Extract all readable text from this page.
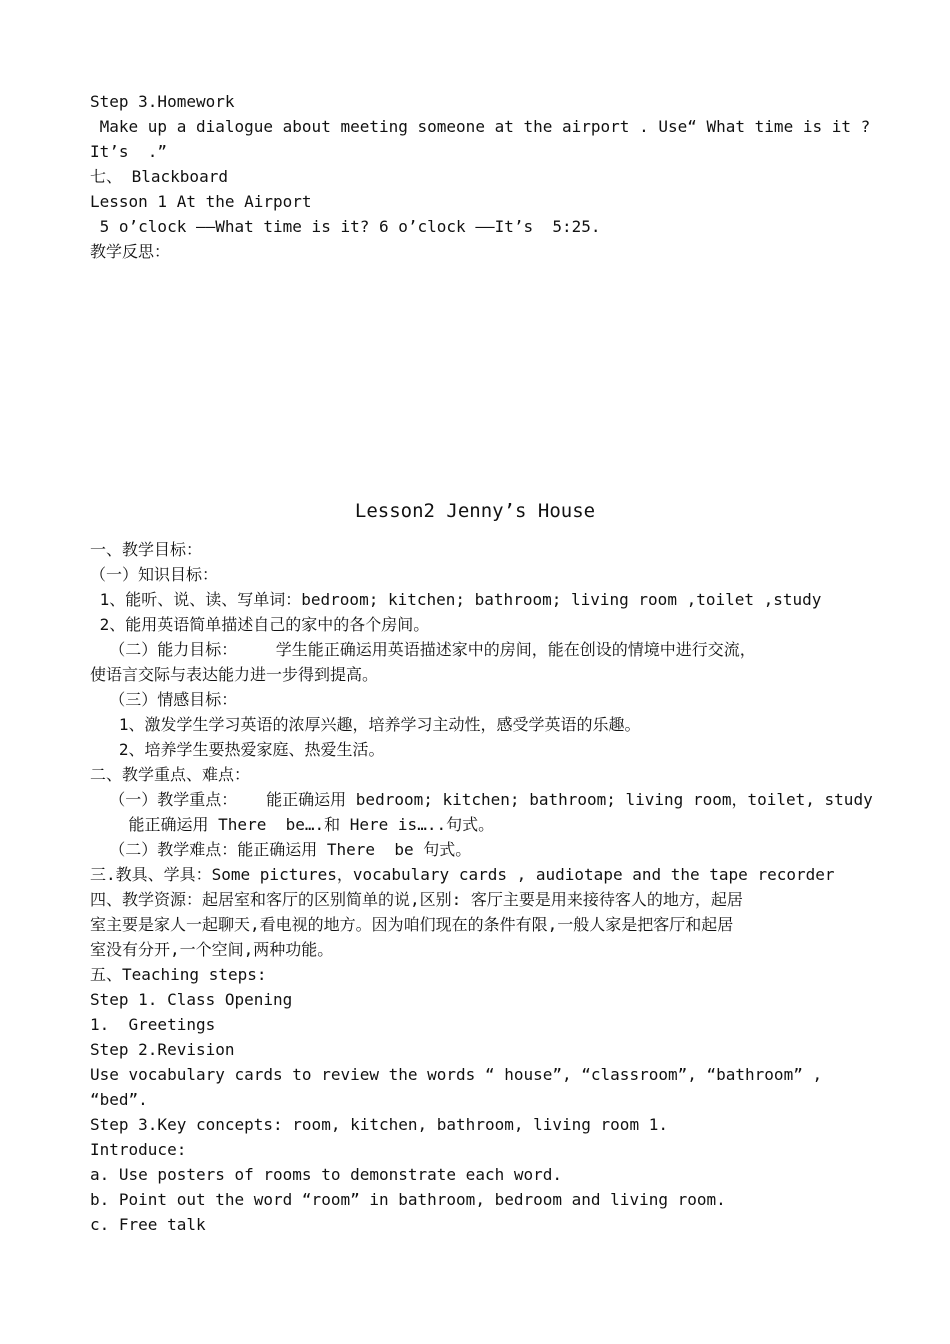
Step 3.Homework
Make up a dialogue about meeting someone at the airport . Use“ What time is it ?
It’s  .”
七、 Blackboard
Lesson 1 At the Airport
5 o’clock ——What time is it? 6 o’clock ——It’s  5:25.
教学反思：
Lesson2 Jenny’s House
一、教学目标：
（一）知识目标：
1、能听、说、读、写单词：bedroom; kitchen; bathroom; living room ,toilet ,study
2、能用英语简单描述自己的家中的各个房间。
（二）能力目标：    学生能正确运用英语描述家中的房间，能在创设的情境中进行交流，
使语言交际与表达能力进一步得到提高。
（三）情感目标：
1、激发学生学习英语的浓厚兴趣，培养学习主动性，感受学英语的乐趣。
2、培养学生要热爱家庭、热爱生活。
二、教学重点、难点：
（一）教学重点：   能正确运用 bedroom; kitchen; bathroom; living room，toilet, study
能正确运用 There  be….和 Here is…..句式。
（二）教学难点：能正确运用 There  be 句式。
三.教具、学具：Some pictures，vocabulary cards , audiotape and the tape recorder
四、教学资源：起居室和客厅的区别简单的说,区别: 客厅主要是用来接待客人的地方，起居
室主要是家人一起聊天,看电视的地方。因为咱们现在的条件有限,一般人家是把客厅和起居
室没有分开,一个空间,两种功能。
五、Teaching steps:
Step 1. Class Opening
1.  Greetings
Step 2.Revision
Use vocabulary cards to review the words “ house”, “classroom”, “bathroom” ,
“bed”.
Step 3.Key concepts: room, kitchen, bathroom, living room 1.
Introduce:
a. Use posters of rooms to demonstrate each word.
b. Point out the word “room” in bathroom, bedroom and living room.
c. Free talk
